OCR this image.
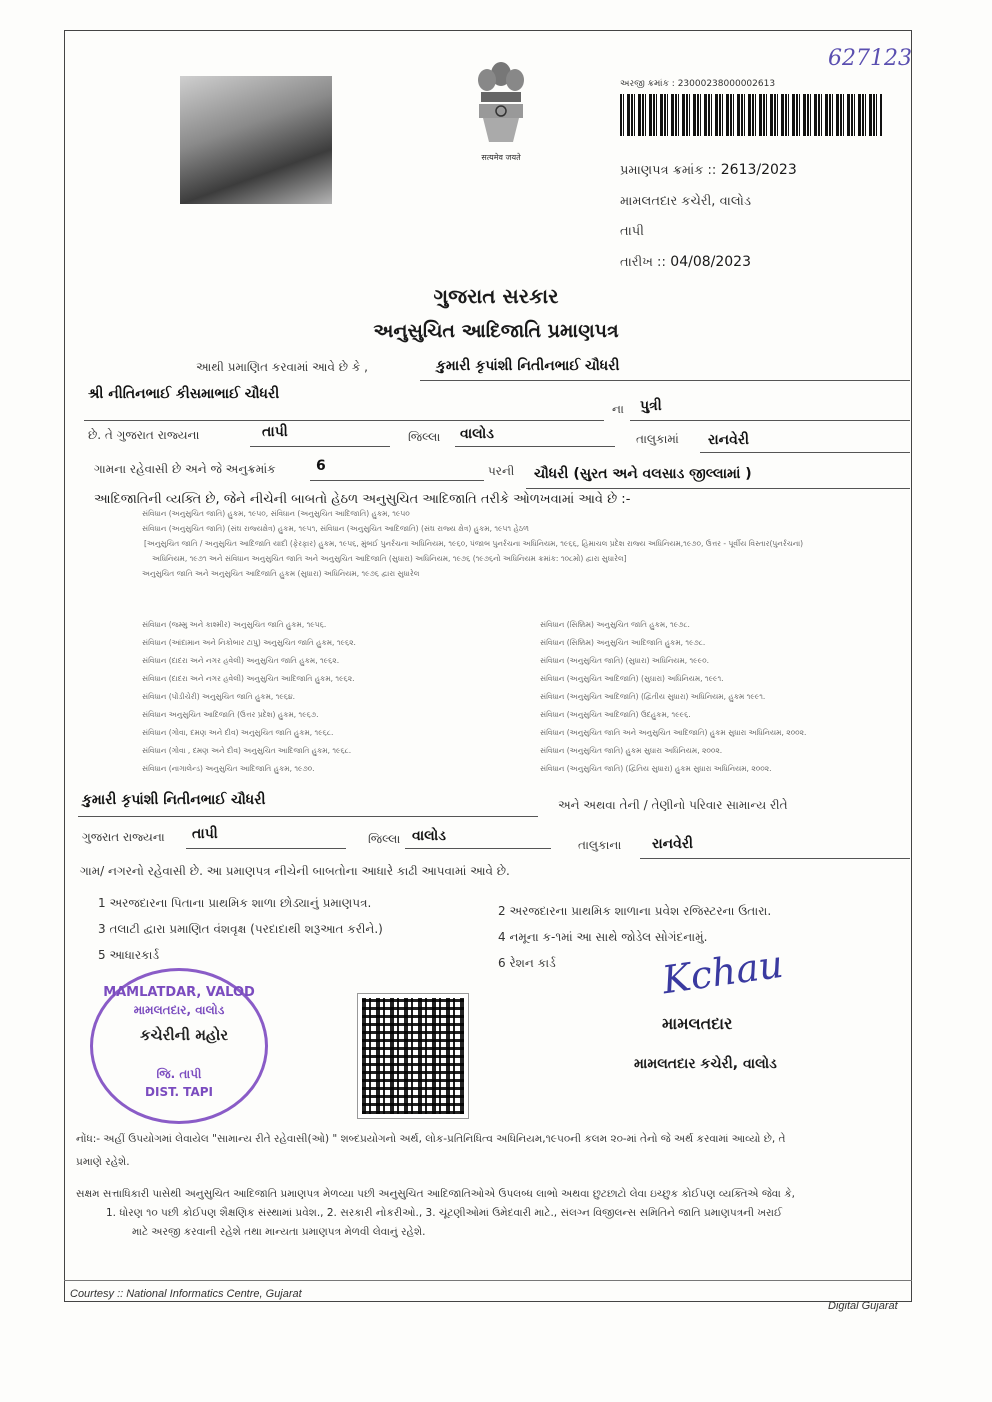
627123
सत्यमेव जयते
અરજી ક્રમાંક : 23000238000002613
પ્રમાણપત્ર ક્રમાંક :: 2613/2023
મામલતદાર કચેરી, વાલોડ
તાપી
તારીખ :: 04/08/2023
ગુજરાત સરકાર
અનુસુચિત આદિજાતિ પ્રમાણપત્ર
આથી પ્રમાણિત કરવામાં આવે છે કે ,	કુમારી કૃપાંશી નિતીનભાઈ ચૌધરી
શ્રી નીતિનભાઈ કીસમાભાઈ ચૌધરી
ના પુત્રી
છે. તે ગુજરાત રાજ્યના	તાપી	જિલ્લા વાલોડ	તાલુકામાં રાનવેરી
ગામના રહેવાસી છે અને જે અનુક્રમાંક	6	પરની ચૌધરી (સુરત અને વલસાડ જીલ્લામાં )
આદિજાતિની વ્યક્તિ છે, જેને નીચેની બાબતો હેઠળ અનુસુચિત આદિજાતિ તરીકે ઓળખવામાં આવે છે :-
સંવિધાન (અનુસુચિત જાતિ) હુકમ, ૧૯૫૦, સંવિધાન (અનુસુચિત આદિજાતિ) હુકમ, ૧૯૫૦
સંવિધાન (અનુસુચિત જાતિ) (સંઘ રાજ્યક્ષેત્ર) હુકમ, ૧૯૫૧, સંવિધાન (અનુસુચિત આદિજાતિ) (સંઘ રાજ્ય ક્ષેત્ર) હુકમ, ૧૯૫૧ હેઠળ
[અનુસુચિત જાતિ / અનુસુચિત આદિજાતિ યાદી (ફેરફાર) હુકમ, ૧૯૫૬, મુંબઈ પુનર્રચના અધિનિયમ, ૧૯૬૦, પંજાબ પુનર્રચના અધિનિયમ, ૧૯૬૬, હિમાચલ પ્રદેશ રાજ્ય અધિનિયમ,૧૯૭૦, ઉત્તર - પૂર્વીય વિસ્તાર(પુનર્રચના)
અધિનિયમ, ૧૯૭૧ અને સંવિધાન અનુસુચિત જાતિ અને અનુસુચિત આદિજાતિ (સુધારા) અધિનિયમ, ૧૯૭૬ (૧૯૭૬નો અધિનિયમ ક્રમાંક: ૧૦૮મો) દ્વારા સુધારેલ]
અનુસુચિત જાતિ અને અનુસુચિત આદિજાતિ હુકમ (સુધારા) અધિનિયમ, ૧૯૭૬ દ્વારા સુધારેલ
સંવિધાન (જમ્મુ અને કાશ્મીર) અનુસુચિત જાતિ હુકમ, ૧૯૫૬.
સંવિધાન (આંદામાન અને નિકોબાર ટાપુ) અનુસુચિત જાતિ હુકમ, ૧૯૬૨.
સંવિધાન (દાદરા અને નગર હવેલી) અનુસુચિત જાતિ હુકમ, ૧૯૬૨.
સંવિધાન (દાદરા અને નગર હવેલી) અનુસુચિત આદિજાતિ હુકમ, ૧૯૬૨.
સંવિધાન (પોંડીચેરી) અનુસુચિત જાતિ હુકમ, ૧૯૬૪.
સંવિધાન અનુસુચિત આદિજાતિ (ઉત્તર પ્રદેશ) હુકમ, ૧૯૬૭.
સંવિધાન (ગોવા, દમણ અને દીવ) અનુસુચિત જાતિ હુકમ, ૧૯૬૮.
સંવિધાન (ગોવા , દમણ અને દીવ) અનુસુચિત આદિજાતિ હુકમ, ૧૯૬૮.
સંવિધાન (નાગાલેન્ડ) અનુસુચિત આદિજાતિ હુકમ, ૧૯૭૦.
સંવિધાન (સિક્કિમ) અનુસુચિત જાતિ હુકમ, ૧૯૭૮.
સંવિધાન (સિક્કિમ) અનુસુચિત આદિજાતિ હુકમ, ૧૯૭૮.
સંવિધાન (અનુસુચિત જાતિ) (સુધારા) અધિનિયમ, ૧૯૯૦.
સંવિધાન (અનુસુચિત આદિજાતિ) (સુધારા) અધિનિયમ, ૧૯૯૧.
સંવિધાન (અનુસુચિત આદિજાતિ) (દ્વિતીય સુધારા) અધિનિયમ, હુકમ ૧૯૯૧.
સંવિધાન (અનુસુચિત આદિજાતિ) ઉદહુકમ, ૧૯૯૬.
સંવિધાન (અનુસુચિત જાતિ અને અનુસુચિત આદિજાતિ) હુકમ સુધારા અધિનિયમ, ૨૦૦૨.
સંવિધાન (અનુસુચિત જાતિ) હુકમ સુધારા અધિનિયમ, ૨૦૦૨.
સંવિધાન (અનુસુચિત જાતિ) (દ્વિતિય સુધારા) હુકમ સુધારા અધિનિયમ, ૨૦૦૨.
કુમારી કૃપાંશી નિતીનભાઈ ચૌધરી	અને અથવા તેની / તેણીનો પરિવાર સામાન્ય રીતે
ગુજરાત રાજ્યના તાપી	જિલ્લા વાલોડ
તાલુકાના રાનવેરી
ગામ/ નગરનો રહેવાસી છે. આ પ્રમાણપત્ર નીચેની બાબતોના આધારે કાઢી આપવામાં આવે છે.
1 અરજદારના પિતાના પ્રાથમિક શાળા છોડ્યાનું પ્રમાણપત્ર.
2 અરજદારના પ્રાથમિક શાળાના પ્રવેશ રજિસ્ટરના ઉતારા.
3 તલાટી દ્વારા પ્રમાણિત વંશવૃક્ષ (પરદાદાથી શરૂઆત કરીને.)
4 નમૂના ક-૧માં આ સાથે જોડેલ સોગંદનામું.
5 આધારકાર્ડ
6 રેશન કાર્ડ
MAMLATDAR, VALOD
મામલતદાર, વાલોડ
જિ. તાપી
DIST. TAPI
કચેરીની મહોર
Kchau
મામલતદાર
મામલતદાર કચેરી, વાલોડ
નોંધ:- અહીં ઉપયોગમાં લેવાયેલ "સામાન્ય રીતે રહેવાસી(ઓ) " શબ્દપ્રયોગનો અર્થ, લોક-પ્રતિનિધિત્વ અધિનિયમ,૧૯૫૦ની કલમ ૨૦-માં તેનો જે અર્થ કરવામાં આવ્યો છે, તે
પ્રમાણે રહેશે.
સક્ષમ સત્તાધિકારી પાસેથી અનુસુચિત આદિજાતિ પ્રમાણપત્ર મેળવ્યા પછી અનુસુચિત આદિજાતિઓએ ઉપલબ્ધ લાભો અથવા છુટછાટો લેવા ઇચ્છુક કોઈપણ વ્યક્તિએ જેવા કે,
1. ધોરણ ૧૦ પછી કોઈપણ શૈક્ષણિક સંસ્થામાં પ્રવેશ., 2. સરકારી નોકરીઓ., 3. ચૂંટણીઓમાં ઉમેદવારી માટે., સંલગ્ન વિજીલન્સ સમિતિને જાતિ પ્રમાણપત્રની ખરાઈ
માટે અરજી કરવાની રહેશે તથા માન્યતા પ્રમાણપત્ર મેળવી લેવાનું રહેશે.
Courtesy :: National Informatics Centre, Gujarat
Digital Gujarat
